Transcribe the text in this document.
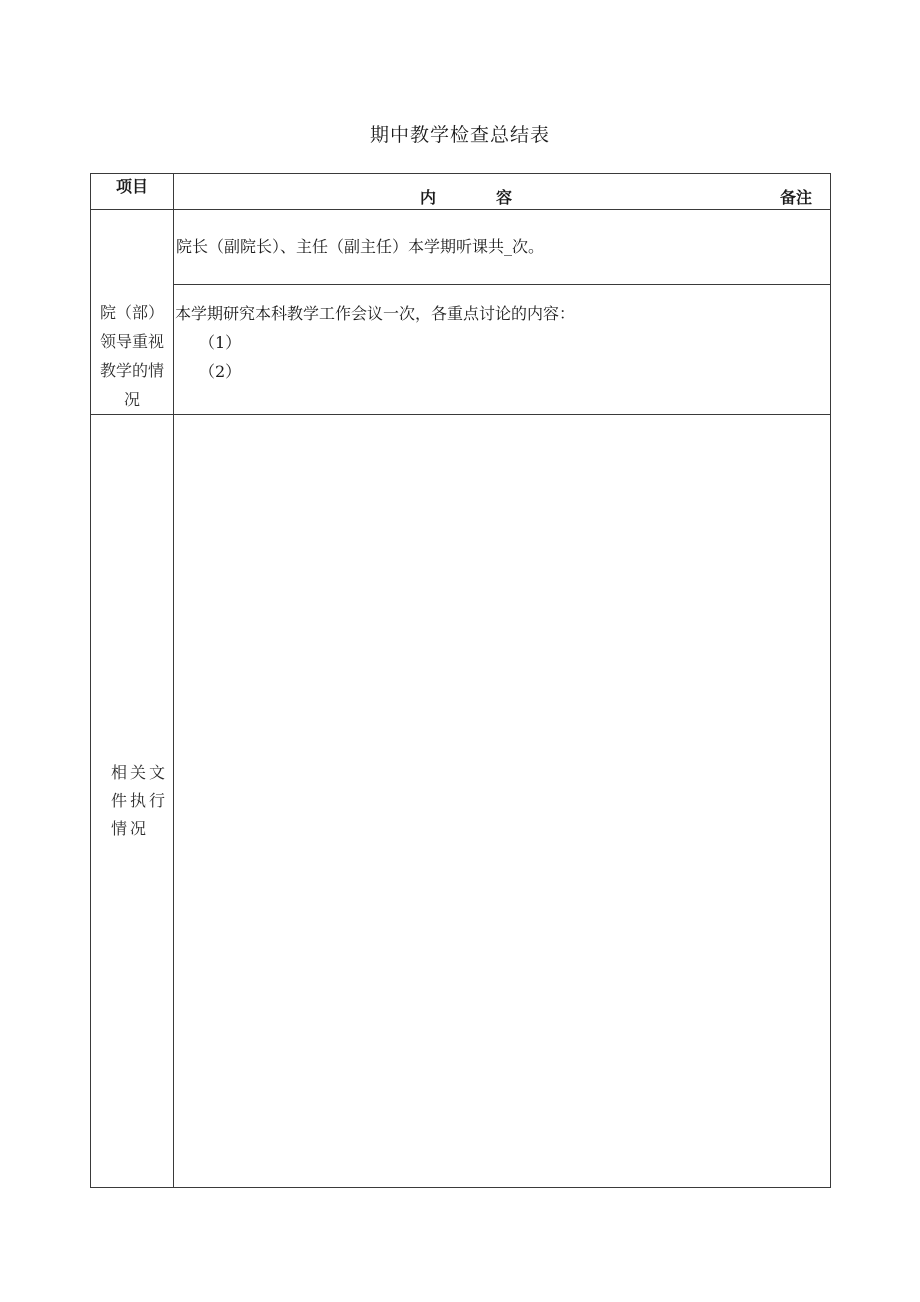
期中教学检查总结表
项目	内 容 备注

院（部）
领导重视
教学的情
况	院长（副院长）、主任（副主任）本学期听课共_次。

	本学期研究本科教学工作会议一次，各重点讨论的内容：
（1）
（2）

相关文
件执行
情况	
